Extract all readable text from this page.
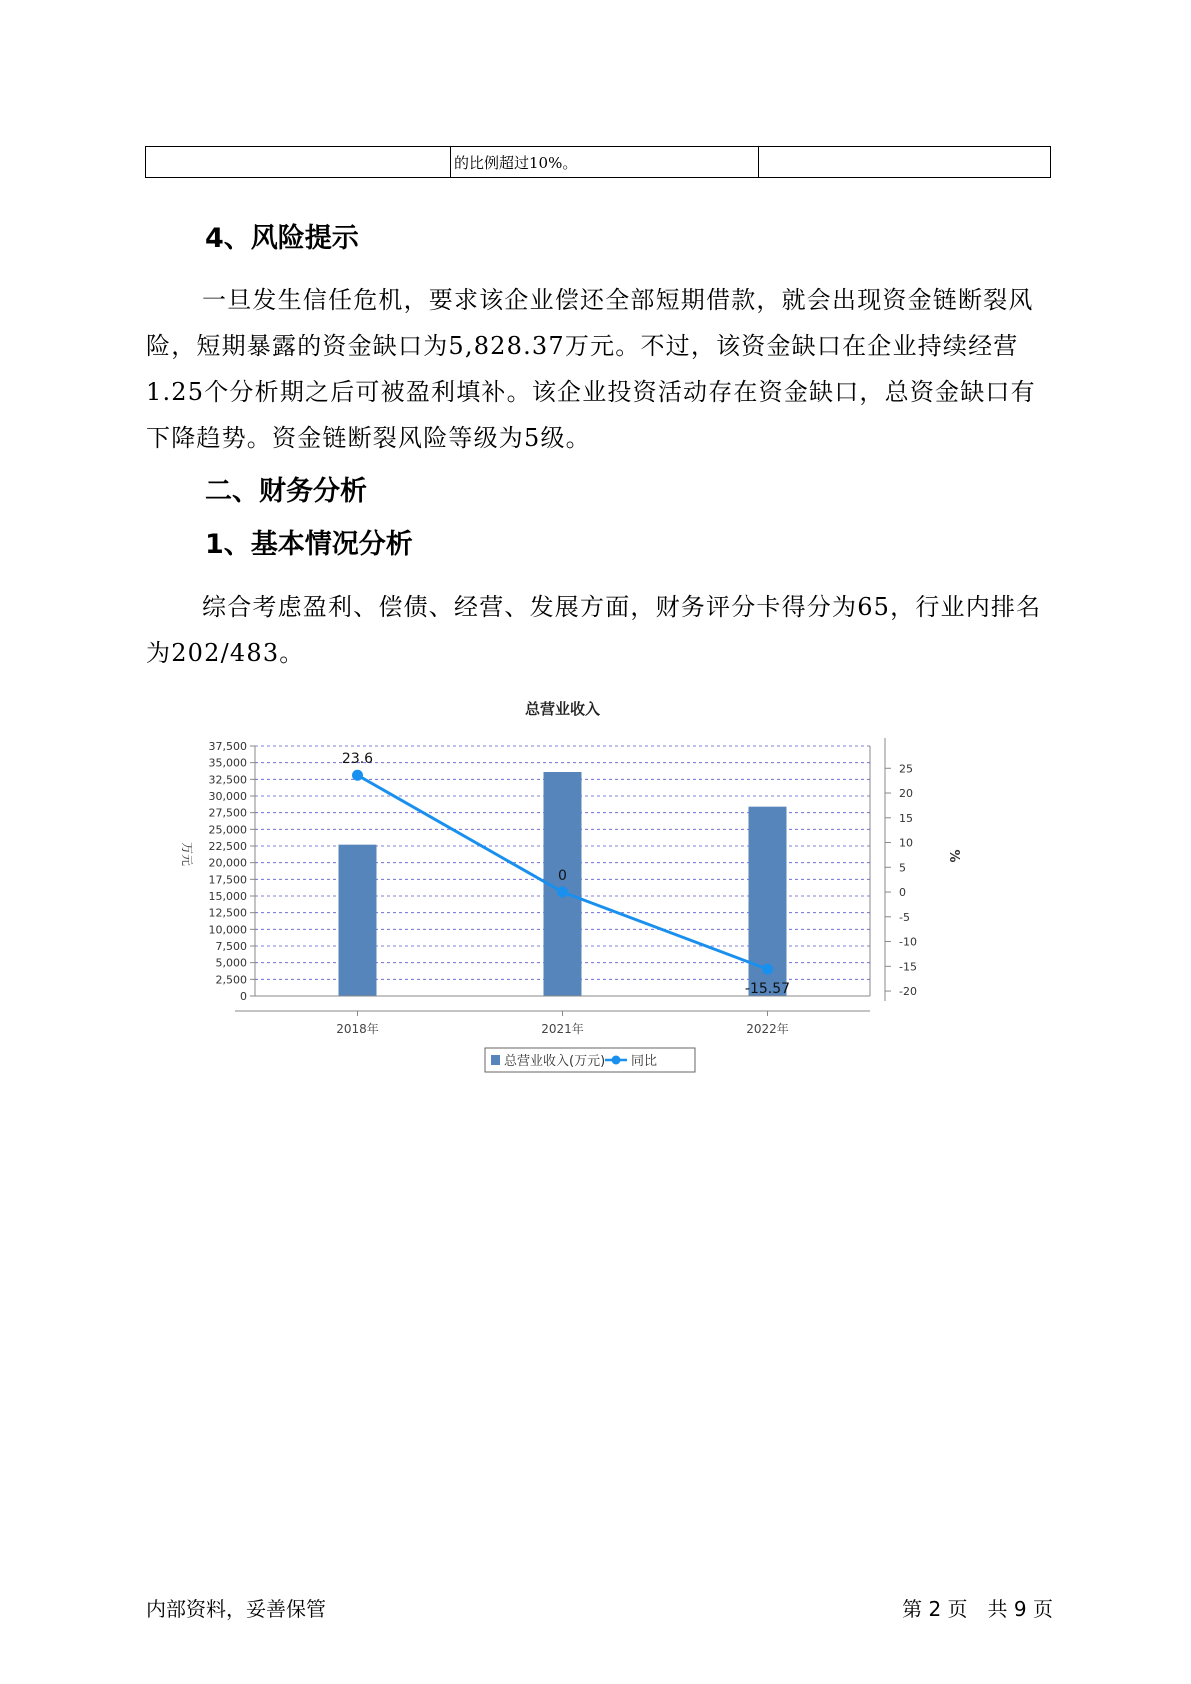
	的比例超过10%。	
4、风险提示

一旦发生信任危机，要求该企业偿还全部短期借款，就会出现资金链断裂风险，短期暴露的资金缺口为5,828.37万元。不过，该资金缺口在企业持续经营 1.25个分析期之后可被盈利填补。该企业投资活动存在资金缺口，总资金缺口有下降趋势。资金链断裂风险等级为5级。

二、财务分析
1、基本情况分析

综合考虑盈利、偿债、经营、发展方面，财务评分卡得分为65，行业内排名为202/483。

总营业收入
0
2,500
5,000
7,500
10,000
12,500
15,000
17,500
20,000
22,500
25,000
27,500
30,000
32,500
35,000
37,500
-20
-15
-10
-5
0
5
10
15
20
25
万元	%
2018年	2021年	2022年
23.6
0
-15.57
总营业收入(万元) 同比
内部资料，妥善保管	第 2 页　共 9 页
